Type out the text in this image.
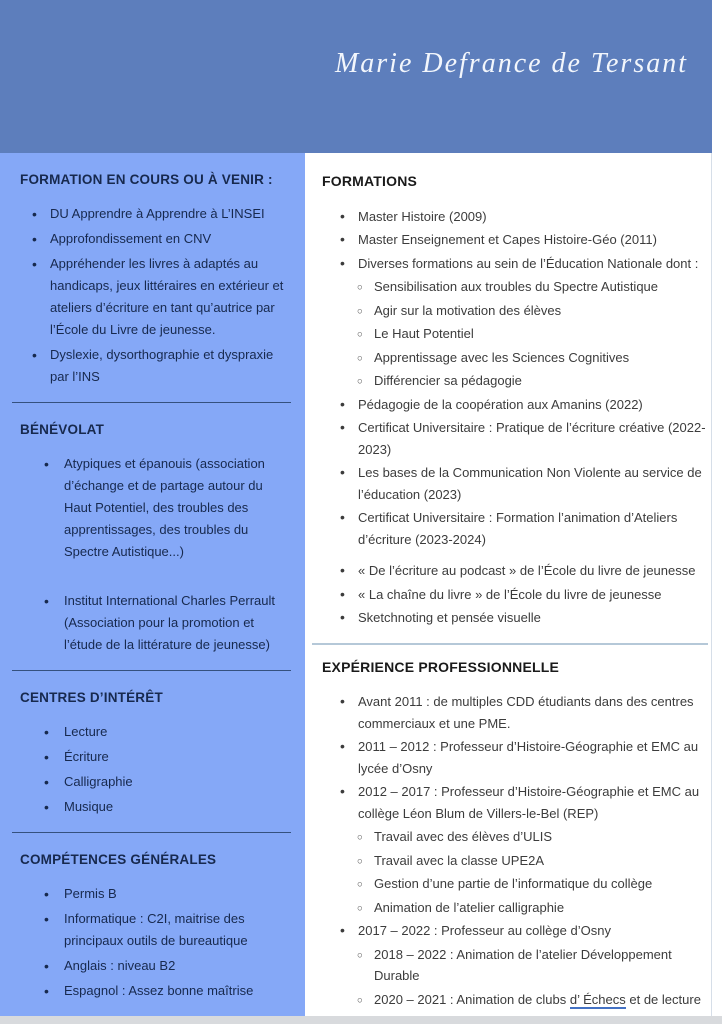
Marie Defrance de Tersant
FORMATION EN COURS OU À VENIR :
•	DU Apprendre à Apprendre à L’INSEI
•	Approfondissement en CNV
•	Appréhender les livres à adaptés au handicaps, jeux littéraires en extérieur et ateliers d’écriture en tant qu’autrice par l’École du Livre de jeunesse.
•	Dyslexie, dysorthographie et dyspraxie par l’INS
BÉNÉVOLAT
•	Atypiques et épanouis (association d’échange et de partage autour du Haut Potentiel, des troubles des apprentissages, des troubles du Spectre Autistique...)
•	Institut International Charles Perrault (Association pour la promotion et l’étude de la littérature de jeunesse)
CENTRES D’INTÉRÊT
•	Lecture
•	Écriture
•	Calligraphie
•	Musique
COMPÉTENCES GÉNÉRALES
•	Permis B
•	Informatique : C2I, maitrise des principaux outils de bureautique
•	Anglais : niveau B2
•	Espagnol : Assez bonne maîtrise
FORMATIONS
•	Master Histoire (2009)
•	Master Enseignement et Capes Histoire-Géo (2011)
•	Diverses formations au sein de l’Éducation Nationale dont :
○ Sensibilisation aux troubles du Spectre Autistique
○ Agir sur la motivation des élèves
○ Le Haut Potentiel
○ Apprentissage avec les Sciences Cognitives
○ Différencier sa pédagogie
•	Pédagogie de la coopération aux Amanins (2022)
•	Certificat Universitaire : Pratique de l’écriture créative (2022-2023)
•	Les bases de la Communication Non Violente au service de l’éducation (2023)
•	Certificat Universitaire : Formation l’animation d’Ateliers d’écriture (2023-2024)
•	« De l’écriture au podcast » de l’École du livre de jeunesse
•	« La chaîne du livre » de l’École du livre de jeunesse
•	Sketchnoting et pensée visuelle
EXPÉRIENCE PROFESSIONNELLE
•	Avant 2011 : de multiples CDD étudiants dans des centres commerciaux et une PME.
•	2011 – 2012 : Professeur d’Histoire-Géographie et EMC au lycée d’Osny
•	2012 – 2017 : Professeur d’Histoire-Géographie et EMC au collège Léon Blum de Villers-le-Bel (REP)
○ Travail avec des élèves d’ULIS
○ Travail avec la classe UPE2A
○ Gestion d’une partie de l’informatique du collège
○ Animation de l’atelier calligraphie
•	2017 – 2022 : Professeur au collège d’Osny
○ 2018 – 2022 : Animation de l’atelier Développement Durable
○ 2020 – 2021 : Animation de clubs d’ Échecs et de lecture
